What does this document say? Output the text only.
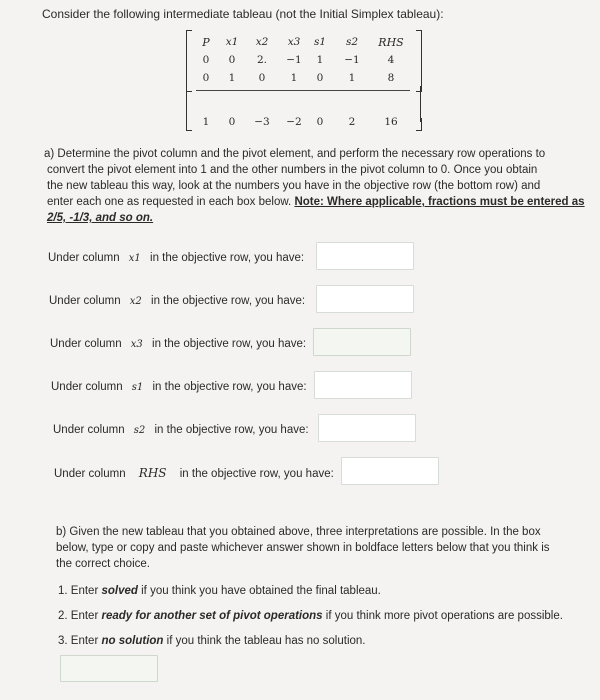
Consider the following intermediate tableau (not the Initial Simplex tableau):
P	x1 x2 x3 s1 s2	RHS
0	0	2. −1	1	−1	4
0	1	0	1	0	1	8
1	0	−3 −2	0	2	16
a) Determine the pivot column and the pivot element, and perform the necessary row operations to
convert the pivot element into 1 and the other numbers in the pivot column to 0. Once you obtain
the new tableau this way, look at the numbers you have in the objective row (the bottom row) and
enter each one as requested in each box below. Note: Where applicable, fractions must be entered as
2/5, -1/3, and so on.
Under column x1 in the objective row, you have:
Under column x2 in the objective row, you have:
Under column x3 in the objective row, you have:
Under column s1 in the objective row, you have:
Under column s2 in the objective row, you have:
Under column RHS in the objective row, you have:
b) Given the new tableau that you obtained above, three interpretations are possible. In the box
below, type or copy and paste whichever answer shown in boldface letters below that you think is
the correct choice.
1. Enter solved if you think you have obtained the final tableau.
2. Enter ready for another set of pivot operations if you think more pivot operations are possible.
3. Enter no solution if you think the tableau has no solution.
